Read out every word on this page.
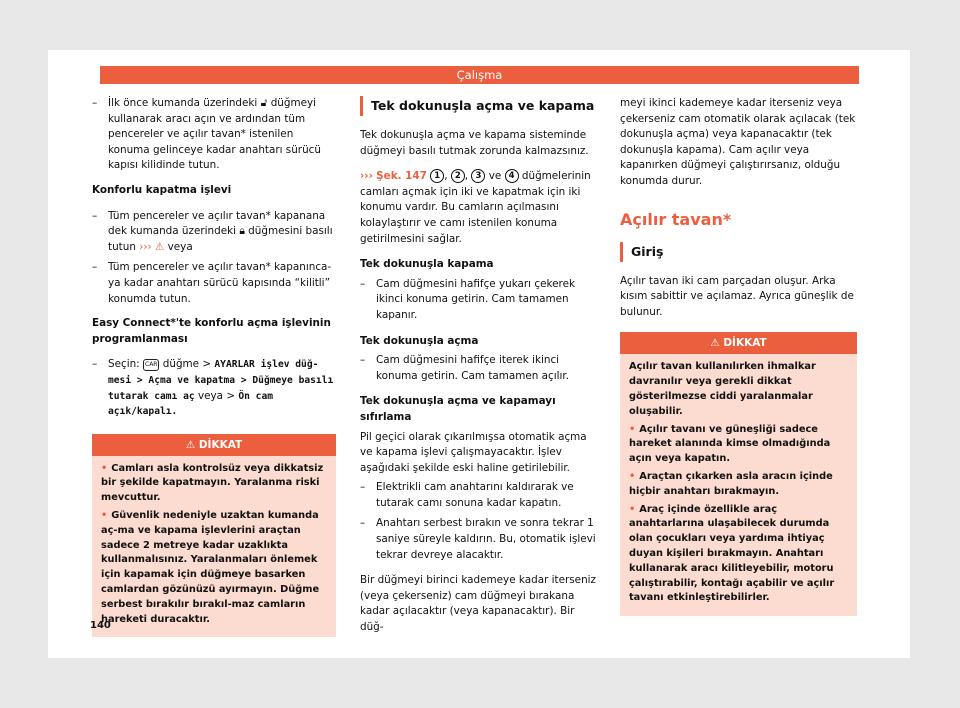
Çalışma
– İlk önce kumanda üzerindeki 🔓︎ düğmeyi kullanarak aracı açın ve ardından tüm pencereler ve açılır tavan* istenilen konuma gelinceye kadar anahtarı sürücü kapısı kilidinde tutun.

Konforlu kapatma işlevi

– Tüm pencereler ve açılır tavan* kapanana dek kumanda üzerindeki 🔒︎ düğmesini basılı tutun ››› ⚠ veya
– Tüm pencereler ve açılır tavan* kapanınca-ya kadar anahtarı sürücü kapısında “kilitli” konumda tutun.

Easy Connect*'te konforlu açma işlevinin programlanması

– Seçin: CAR düğme > AYARLAR işlev düğ-mesi > Açma ve kapatma > Düğmeye basılı tutarak camı aç veya > Ön cam açık/kapalı.
⚠ DİKKAT
• Camları asla kontrolsüz veya dikkatsiz bir şekilde kapatmayın. Yaralanma riski mevcuttur.
• Güvenlik nedeniyle uzaktan kumanda aç-ma ve kapama işlevlerini araçtan sadece 2 metreye kadar uzaklıkta kullanmalısınız. Yaralanmaları önlemek için kapamak için düğmeye basarken camlardan gözünüzü ayırmayın. Düğme serbest bırakılır bırakıl-maz camların hareketi duracaktır.
Tek dokunuşla açma ve kapama

Tek dokunuşla açma ve kapama sisteminde düğmeyi basılı tutmak zorunda kalmazsınız.

››› Şek. 147 1 , 2 , 3 ve 4 düğmelerinin camları açmak için iki ve kapatmak için iki konumu vardır. Bu camların açılmasını kolaylaştırır ve camı istenilen konuma getirilmesini sağlar.

Tek dokunuşla kapama

– Cam düğmesini hafifçe yukarı çekerek ikinci konuma getirin. Cam tamamen kapanır.

Tek dokunuşla açma

– Cam düğmesini hafifçe iterek ikinci konuma getirin. Cam tamamen açılır.

Tek dokunuşla açma ve kapamayı sıfırlama

Pil geçici olarak çıkarılmışsa otomatik açma ve kapama işlevi çalışmayacaktır. İşlev aşağıdaki şekilde eski haline getirilebilir.

– Elektrikli cam anahtarını kaldırarak ve tutarak camı sonuna kadar kapatın.
– Anahtarı serbest bırakın ve sonra tekrar 1 saniye süreyle kaldırın. Bu, otomatik işlevi tekrar devreye alacaktır.

Bir düğmeyi birinci kademeye kadar iterseniz (veya çekerseniz) cam düğmeyi bırakana kadar açılacaktır (veya kapanacaktır). Bir düğ-

meyi ikinci kademeye kadar iterseniz veya çekerseniz cam otomatik olarak açılacak (tek dokunuşla açma) veya kapanacaktır (tek dokunuşla kapama). Cam açılır veya kapanırken düğmeyi çalıştırırsanız, olduğu konumda durur.

Açılır tavan*
Giriş

Açılır tavan iki cam parçadan oluşur. Arka kısım sabittir ve açılamaz. Ayrıca güneşlik de bulunur.

⚠ DİKKAT
Açılır tavan kullanılırken ihmalkar davranılır veya gerekli dikkat gösterilmezse ciddi yaralanmalar oluşabilir.
• Açılır tavanı ve güneşliği sadece hareket alanında kimse olmadığında açın veya kapatın.
• Araçtan çıkarken asla aracın içinde hiçbir anahtarı bırakmayın.
• Araç içinde özellikle araç anahtarlarına ulaşabilecek durumda olan çocukları veya yardıma ihtiyaç duyan kişileri bırakmayın. Anahtarı kullanarak aracı kilitleyebilir, motoru çalıştırabilir, kontağı açabilir ve açılır tavanı etkinleştirebilirler.
140
